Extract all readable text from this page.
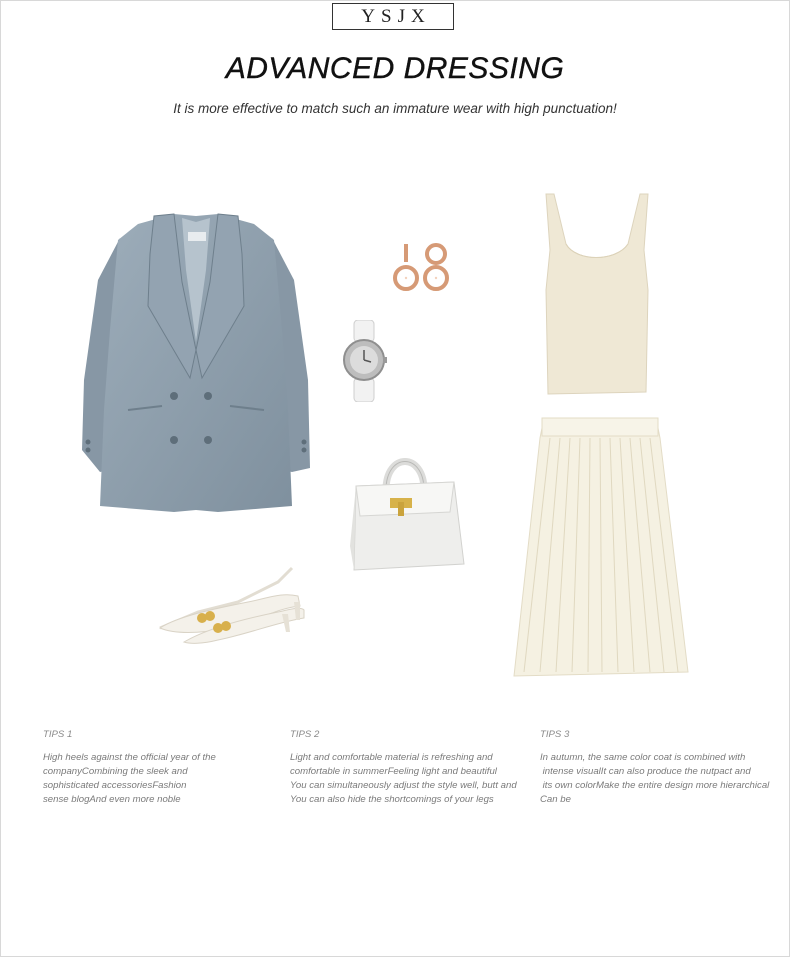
YSJX
ADVANCED DRESSING
It is more effective to match such an immature wear with high punctuation!
TIPS 1
High heels against the official year of the
companyCombining the sleek and
sophisticated accessoriesFashion
sense blogAnd even more noble
TIPS 2
Light and comfortable material is refreshing and
comfortable in summerFeeling light and beautiful
You can simultaneously adjust the style well, butt and
You can also hide the shortcomings of your legs
TIPS 3
In autumn, the same color coat is combined with
intense visualIt can also produce the nutpact and
its own colorMake the entire design more hierarchical
Can be
